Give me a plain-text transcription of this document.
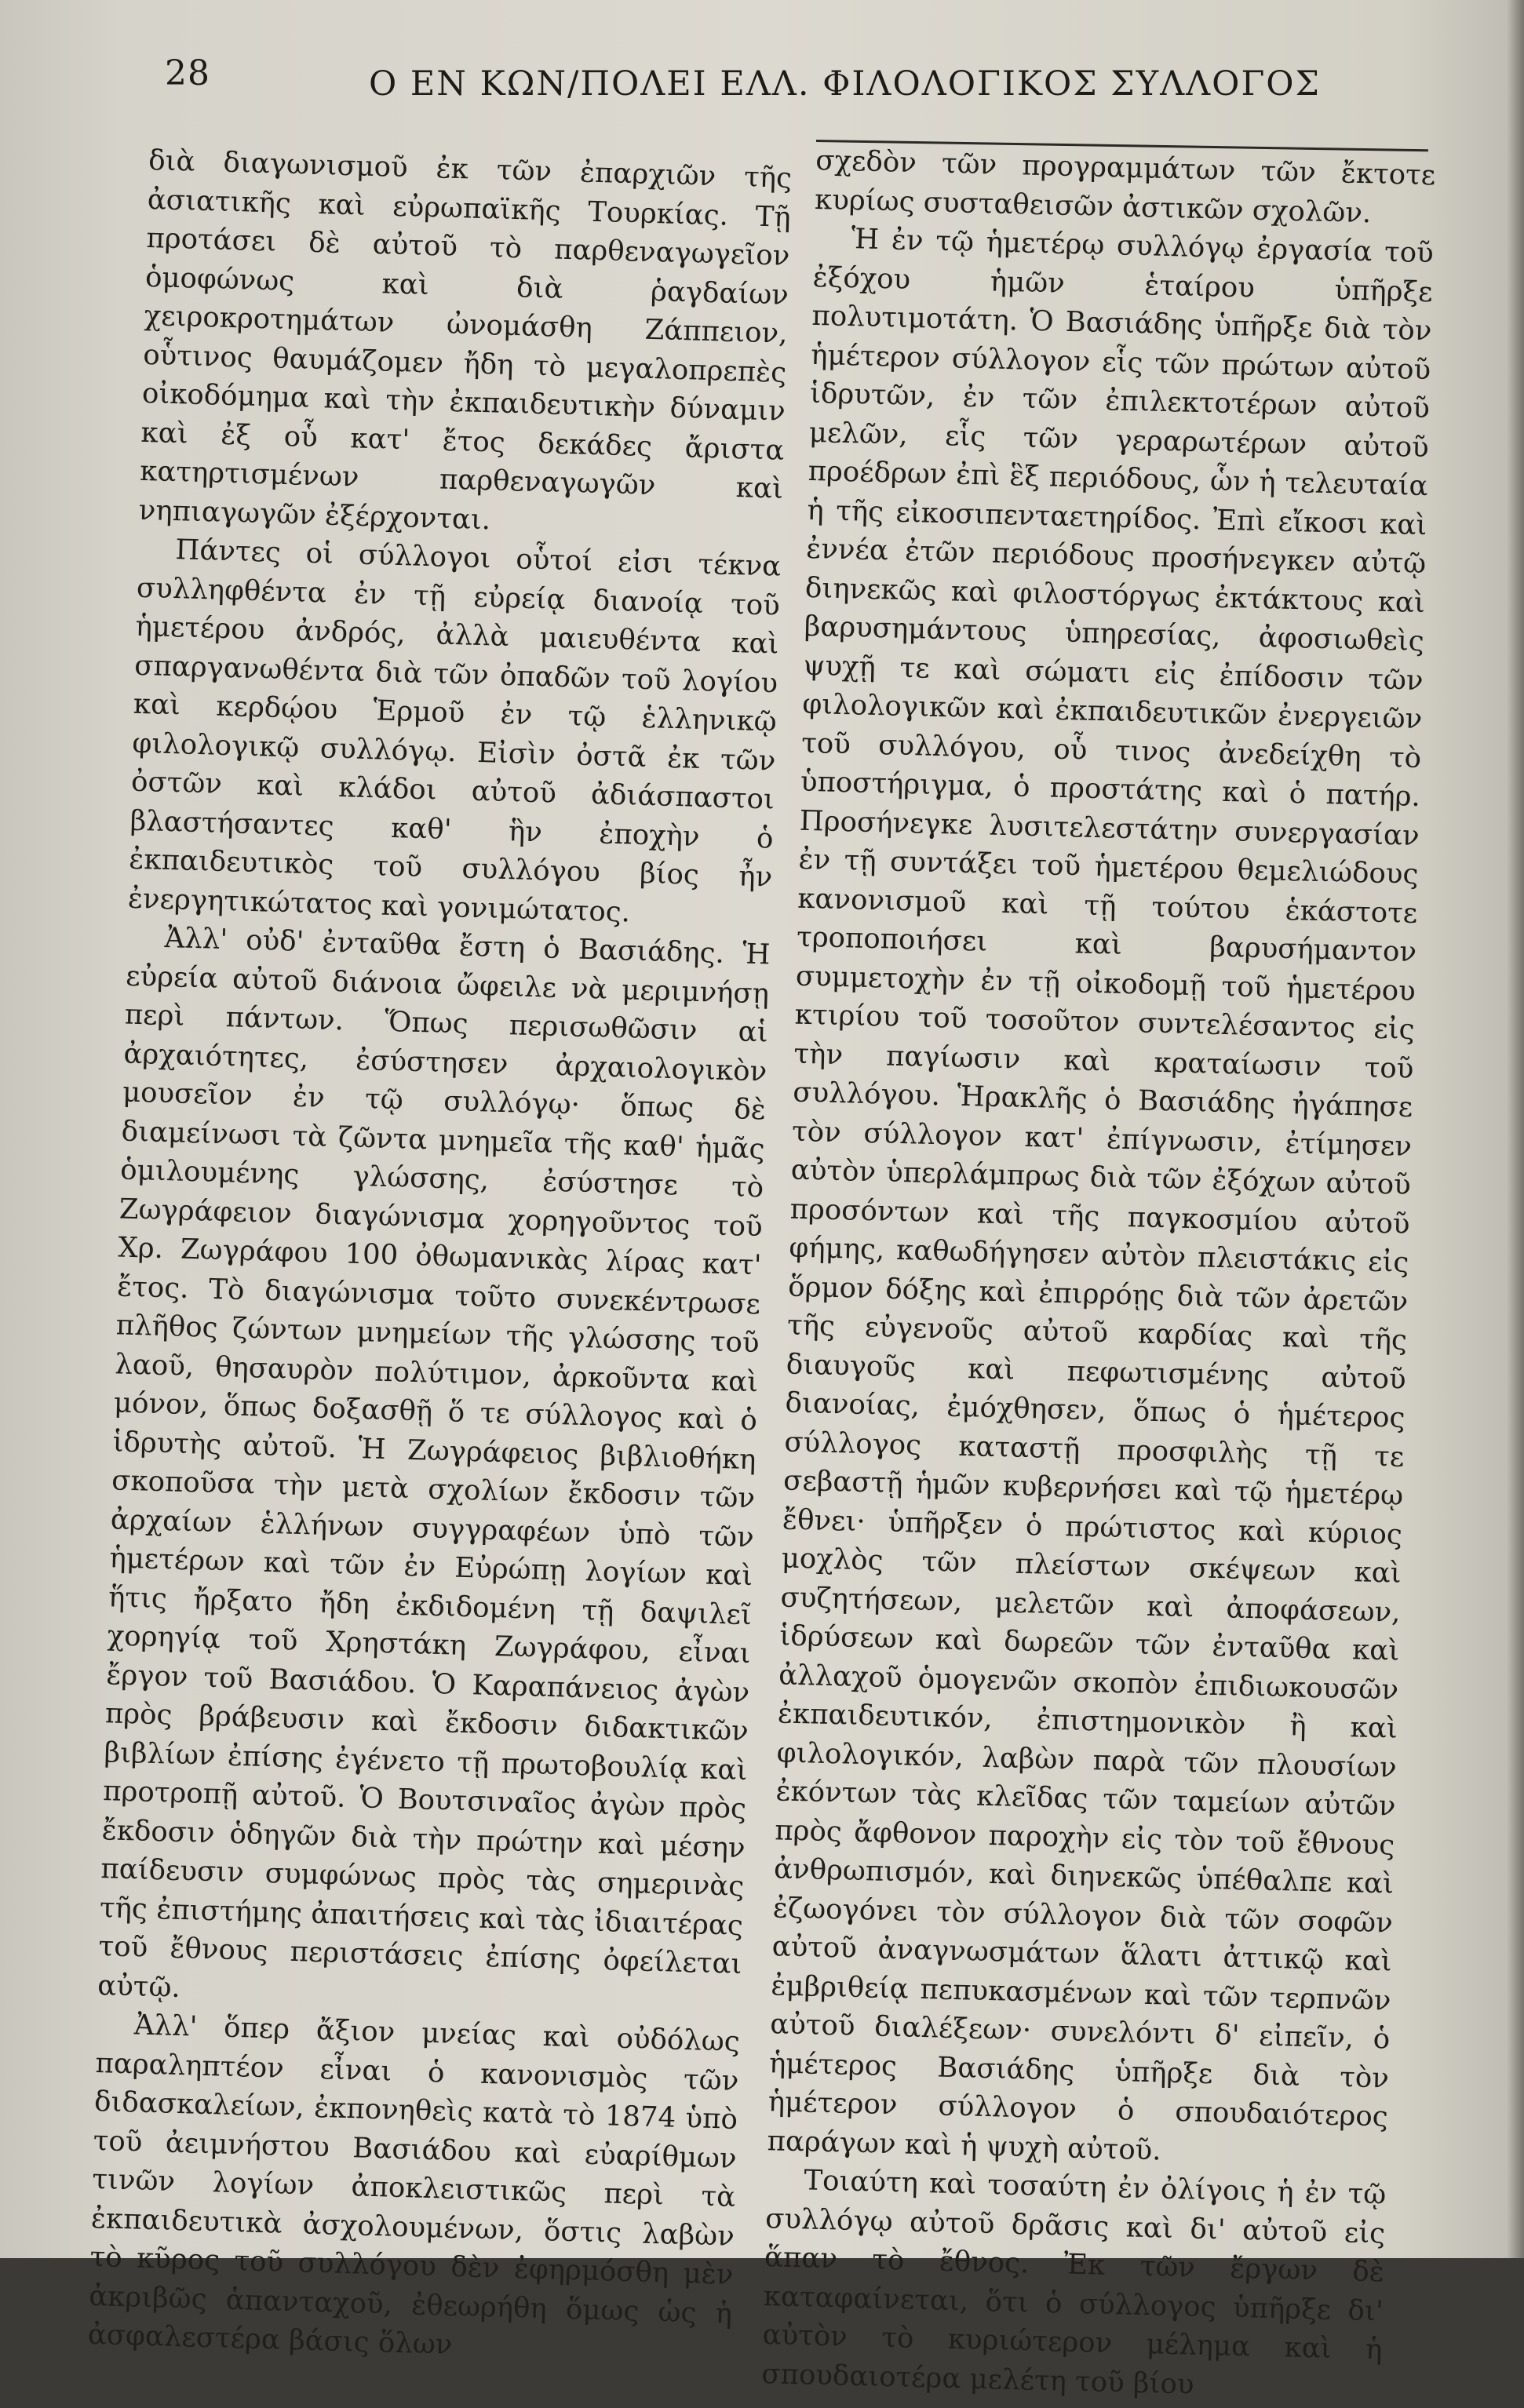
28	Ο ΕΝ ΚΩΝ/ΠΟΛΕΙ ΕΛΛ. ΦΙΛΟΛΟΓΙΚΟΣ ΣΥΛΛΟΓΟΣ

διὰ διαγωνισμοῦ ἐκ τῶν ἐπαρχιῶν τῆς ἀσιατικῆς καὶ εὐρωπαϊκῆς Τουρκίας. Τῇ προτάσει δὲ αὐτοῦ τὸ παρθεναγωγεῖον ὁμοφώνως καὶ διὰ ῥαγδαίων χειροκροτημάτων ὠνομάσθη Ζάππειον, οὗτινος θαυμάζομεν ἤδη τὸ μεγαλοπρεπὲς οἰκοδόμημα καὶ τὴν ἐκπαιδευτικὴν δύναμιν καὶ ἐξ οὗ κατ' ἔτος δεκάδες ἄριστα κατηρτισμένων παρθεναγωγῶν καὶ νηπιαγωγῶν ἐξέρχονται.

Πάντες οἱ σύλλογοι οὗτοί εἰσι τέκνα συλληφθέντα ἐν τῇ εὐρείᾳ διανοίᾳ τοῦ ἡμετέρου ἀνδρός, ἀλλὰ μαιευθέντα καὶ σπαργανωθέντα διὰ τῶν ὀπαδῶν τοῦ λογίου καὶ κερδῴου Ἑρμοῦ ἐν τῷ ἑλληνικῷ φιλολογικῷ συλλόγῳ. Εἰσὶν ὀστᾶ ἐκ τῶν ὀστῶν καὶ κλάδοι αὐτοῦ ἀδιάσπαστοι βλαστήσαντες καθ' ἣν ἐποχὴν ὁ ἐκπαιδευτικὸς τοῦ συλλόγου βίος ἦν ἐνεργητικώτατος καὶ γονιμώτατος.

Ἀλλ' οὐδ' ἐνταῦθα ἔστη ὁ Βασιάδης. Ἡ εὐρεία αὐτοῦ διάνοια ὤφειλε νὰ μεριμνήσῃ περὶ πάντων. Ὅπως περισωθῶσιν αἱ ἀρχαιότητες, ἐσύστησεν ἀρχαιολογικὸν μουσεῖον ἐν τῷ συλλόγῳ· ὅπως δὲ διαμείνωσι τὰ ζῶντα μνημεῖα τῆς καθ' ἡμᾶς ὁμιλουμένης γλώσσης, ἐσύστησε τὸ Ζωγράφειον διαγώνισμα χορηγοῦντος τοῦ Χρ. Ζωγράφου 100 ὀθωμανικὰς λίρας κατ' ἔτος. Τὸ διαγώνισμα τοῦτο συνεκέντρωσε πλῆθος ζώντων μνημείων τῆς γλώσσης τοῦ λαοῦ, θησαυρὸν πολύτιμον, ἀρκοῦντα καὶ μόνον, ὅπως δοξασθῇ ὅ τε σύλλογος καὶ ὁ ἱδρυτὴς αὐτοῦ. Ἡ Ζωγράφειος βιβλιοθήκη σκοποῦσα τὴν μετὰ σχολίων ἔκδοσιν τῶν ἀρχαίων ἑλλήνων συγγραφέων ὑπὸ τῶν ἡμετέρων καὶ τῶν ἐν Εὐρώπῃ λογίων καὶ ἥτις ἤρξατο ἤδη ἐκδιδομένη τῇ δαψιλεῖ χορηγίᾳ τοῦ Χρηστάκη Ζωγράφου, εἶναι ἔργον τοῦ Βασιάδου. Ὁ Καραπάνειος ἀγὼν πρὸς βράβευσιν καὶ ἔκδοσιν διδακτικῶν βιβλίων ἐπίσης ἐγένετο τῇ πρωτοβουλίᾳ καὶ προτροπῇ αὐτοῦ. Ὁ Βουτσιναῖος ἀγὼν πρὸς ἔκδοσιν ὁδηγῶν διὰ τὴν πρώτην καὶ μέσην παίδευσιν συμφώνως πρὸς τὰς σημερινὰς τῆς ἐπιστήμης ἀπαιτήσεις καὶ τὰς ἰδιαιτέρας τοῦ ἔθνους περιστάσεις ἐπίσης ὀφείλεται αὐτῷ.

Ἀλλ' ὅπερ ἄξιον μνείας καὶ οὐδόλως παραληπτέον εἶναι ὁ κανονισμὸς τῶν διδασκαλείων, ἐκπονηθεὶς κατὰ τὸ 1874 ὑπὸ τοῦ ἀειμνήστου Βασιάδου καὶ εὐαρίθμων τινῶν λογίων ἀποκλειστικῶς περὶ τὰ ἐκπαιδευτικὰ ἀσχολουμένων, ὅστις λαβὼν τὸ κῦρος τοῦ συλλόγου δὲν ἐφηρμόσθη μὲν ἀκριβῶς ἁπανταχοῦ, ἐθεωρήθη ὅμως ὡς ἡ ἀσφαλεστέρα βάσις ὅλων

σχεδὸν τῶν προγραμμάτων τῶν ἔκτοτε κυρίως συσταθεισῶν ἀστικῶν σχολῶν.

Ἡ ἐν τῷ ἡμετέρῳ συλλόγῳ ἐργασία τοῦ ἐξόχου ἡμῶν ἑταίρου ὑπῆρξε πολυτιμοτάτη. Ὁ Βασιάδης ὑπῆρξε διὰ τὸν ἡμέτερον σύλλογον εἷς τῶν πρώτων αὐτοῦ ἱδρυτῶν, ἐν τῶν ἐπιλεκτοτέρων αὐτοῦ μελῶν, εἷς τῶν γεραρωτέρων αὐτοῦ προέδρων ἐπὶ ἓξ περιόδους, ὧν ἡ τελευταία ἡ τῆς εἰκοσιπενταετηρίδος. Ἐπὶ εἴκοσι καὶ ἐννέα ἐτῶν περιόδους προσήνεγκεν αὐτῷ διηνεκῶς καὶ φιλοστόργως ἐκτάκτους καὶ βαρυσημάντους ὑπηρεσίας, ἀφοσιωθεὶς ψυχῇ τε καὶ σώματι εἰς ἐπίδοσιν τῶν φιλολογικῶν καὶ ἐκπαιδευτικῶν ἐνεργειῶν τοῦ συλλόγου, οὗ τινος ἀνεδείχθη τὸ ὑποστήριγμα, ὁ προστάτης καὶ ὁ πατήρ. Προσήνεγκε λυσιτελεστάτην συνεργασίαν ἐν τῇ συντάξει τοῦ ἡμετέρου θεμελιώδους κανονισμοῦ καὶ τῇ τούτου ἑκάστοτε τροποποιήσει καὶ βαρυσήμαντον συμμετοχὴν ἐν τῇ οἰκοδομῇ τοῦ ἡμετέρου κτιρίου τοῦ τοσοῦτον συντελέσαντος εἰς τὴν παγίωσιν καὶ κραταίωσιν τοῦ συλλόγου. Ἡρακλῆς ὁ Βασιάδης ἠγάπησε τὸν σύλλογον κατ' ἐπίγνωσιν, ἐτίμησεν αὐτὸν ὑπερλάμπρως διὰ τῶν ἐξόχων αὐτοῦ προσόντων καὶ τῆς παγκοσμίου αὐτοῦ φήμης, καθωδήγησεν αὐτὸν πλειστάκις εἰς ὅρμον δόξης καὶ ἐπιρρόῃς διὰ τῶν ἀρετῶν τῆς εὐγενοῦς αὐτοῦ καρδίας καὶ τῆς διαυγοῦς καὶ πεφωτισμένης αὐτοῦ διανοίας, ἐμόχθησεν, ὅπως ὁ ἡμέτερος σύλλογος καταστῇ προσφιλὴς τῇ τε σεβαστῇ ἡμῶν κυβερνήσει καὶ τῷ ἡμετέρῳ ἔθνει· ὑπῆρξεν ὁ πρώτιστος καὶ κύριος μοχλὸς τῶν πλείστων σκέψεων καὶ συζητήσεων, μελετῶν καὶ ἀποφάσεων, ἱδρύσεων καὶ δωρεῶν τῶν ἐνταῦθα καὶ ἀλλαχοῦ ὁμογενῶν σκοπὸν ἐπιδιωκουσῶν ἐκπαιδευτικόν, ἐπιστημονικὸν ἢ καὶ φιλολογικόν, λαβὼν παρὰ τῶν πλουσίων ἐκόντων τὰς κλεῖδας τῶν ταμείων αὐτῶν πρὸς ἄφθονον παροχὴν εἰς τὸν τοῦ ἔθνους ἀνθρωπισμόν, καὶ διηνεκῶς ὑπέθαλπε καὶ ἐζωογόνει τὸν σύλλογον διὰ τῶν σοφῶν αὐτοῦ ἀναγνωσμάτων ἅλατι ἀττικῷ καὶ ἐμβριθείᾳ πεπυκασμένων καὶ τῶν τερπνῶν αὐτοῦ διαλέξεων· συνελόντι δ' εἰπεῖν, ὁ ἡμέτερος Βασιάδης ὑπῆρξε διὰ τὸν ἡμέτερον σύλλογον ὁ σπουδαιότερος παράγων καὶ ἡ ψυχὴ αὐτοῦ.

Τοιαύτη καὶ τοσαύτη ἐν ὀλίγοις ἡ ἐν τῷ συλλόγῳ αὐτοῦ δρᾶσις καὶ δι' αὐτοῦ εἰς ἅπαν τὸ ἔθνος. Ἐκ τῶν ἔργων δὲ καταφαίνεται, ὅτι ὁ σύλλογος ὑπῆρξε δι' αὐτὸν τὸ κυριώτερον μέλημα καὶ ἡ σπουδαιοτέρα μελέτη τοῦ βίου
